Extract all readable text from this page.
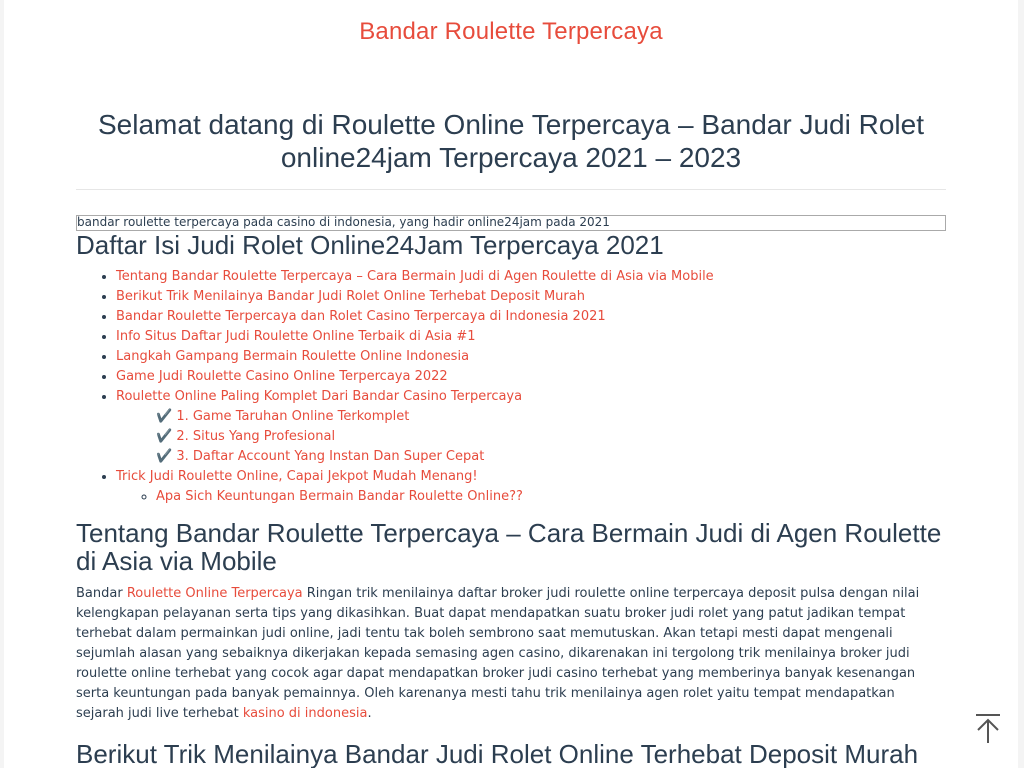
Bandar Roulette Terpercaya
Selamat datang di Roulette Online Terpercaya – Bandar Judi Rolet online24jam Terpercaya 2021 – 2023
bandar roulette terpercaya pada casino di indonesia, yang hadir online24jam pada 2021
Daftar Isi Judi Rolet Online24Jam Terpercaya 2021
• Tentang Bandar Roulette Terpercaya – Cara Bermain Judi di Agen Roulette di Asia via Mobile
• Berikut Trik Menilainya Bandar Judi Rolet Online Terhebat Deposit Murah
• Bandar Roulette Terpercaya dan Rolet Casino Terpercaya di Indonesia 2021
• Info Situs Daftar Judi Roulette Online Terbaik di Asia #1
• Langkah Gampang Bermain Roulette Online Indonesia
• Game Judi Roulette Casino Online Terpercaya 2022
• Roulette Online Paling Komplet Dari Bandar Casino Terpercaya
✔️ 1. Game Taruhan Online Terkomplet
✔️ 2. Situs Yang Profesional
✔️ 3. Daftar Account Yang Instan Dan Super Cepat
• Trick Judi Roulette Online, Capai Jekpot Mudah Menang!
◦ Apa Sich Keuntungan Bermain Bandar Roulette Online??
Tentang Bandar Roulette Terpercaya – Cara Bermain Judi di Agen Roulette di Asia via Mobile

Bandar Roulette Online Terpercaya Ringan trik menilainya daftar broker judi roulette online terpercaya deposit pulsa dengan nilai kelengkapan pelayanan serta tips yang dikasihkan. Buat dapat mendapatkan suatu broker judi rolet yang patut jadikan tempat terhebat dalam permainkan judi online, jadi tentu tak boleh sembrono saat memutuskan. Akan tetapi mesti dapat mengenali sejumlah alasan yang sebaiknya dikerjakan kepada semasing agen casino, dikarenakan ini tergolong trik menilainya broker judi roulette online terhebat yang cocok agar dapat mendapatkan broker judi casino terhebat yang memberinya banyak kesenangan serta keuntungan pada banyak pemainnya. Oleh karenanya mesti tahu trik menilainya agen rolet yaitu tempat mendapatkan sejarah judi live terhebat kasino di indonesia.

Berikut Trik Menilainya Bandar Judi Rolet Online Terhebat Deposit Murah
